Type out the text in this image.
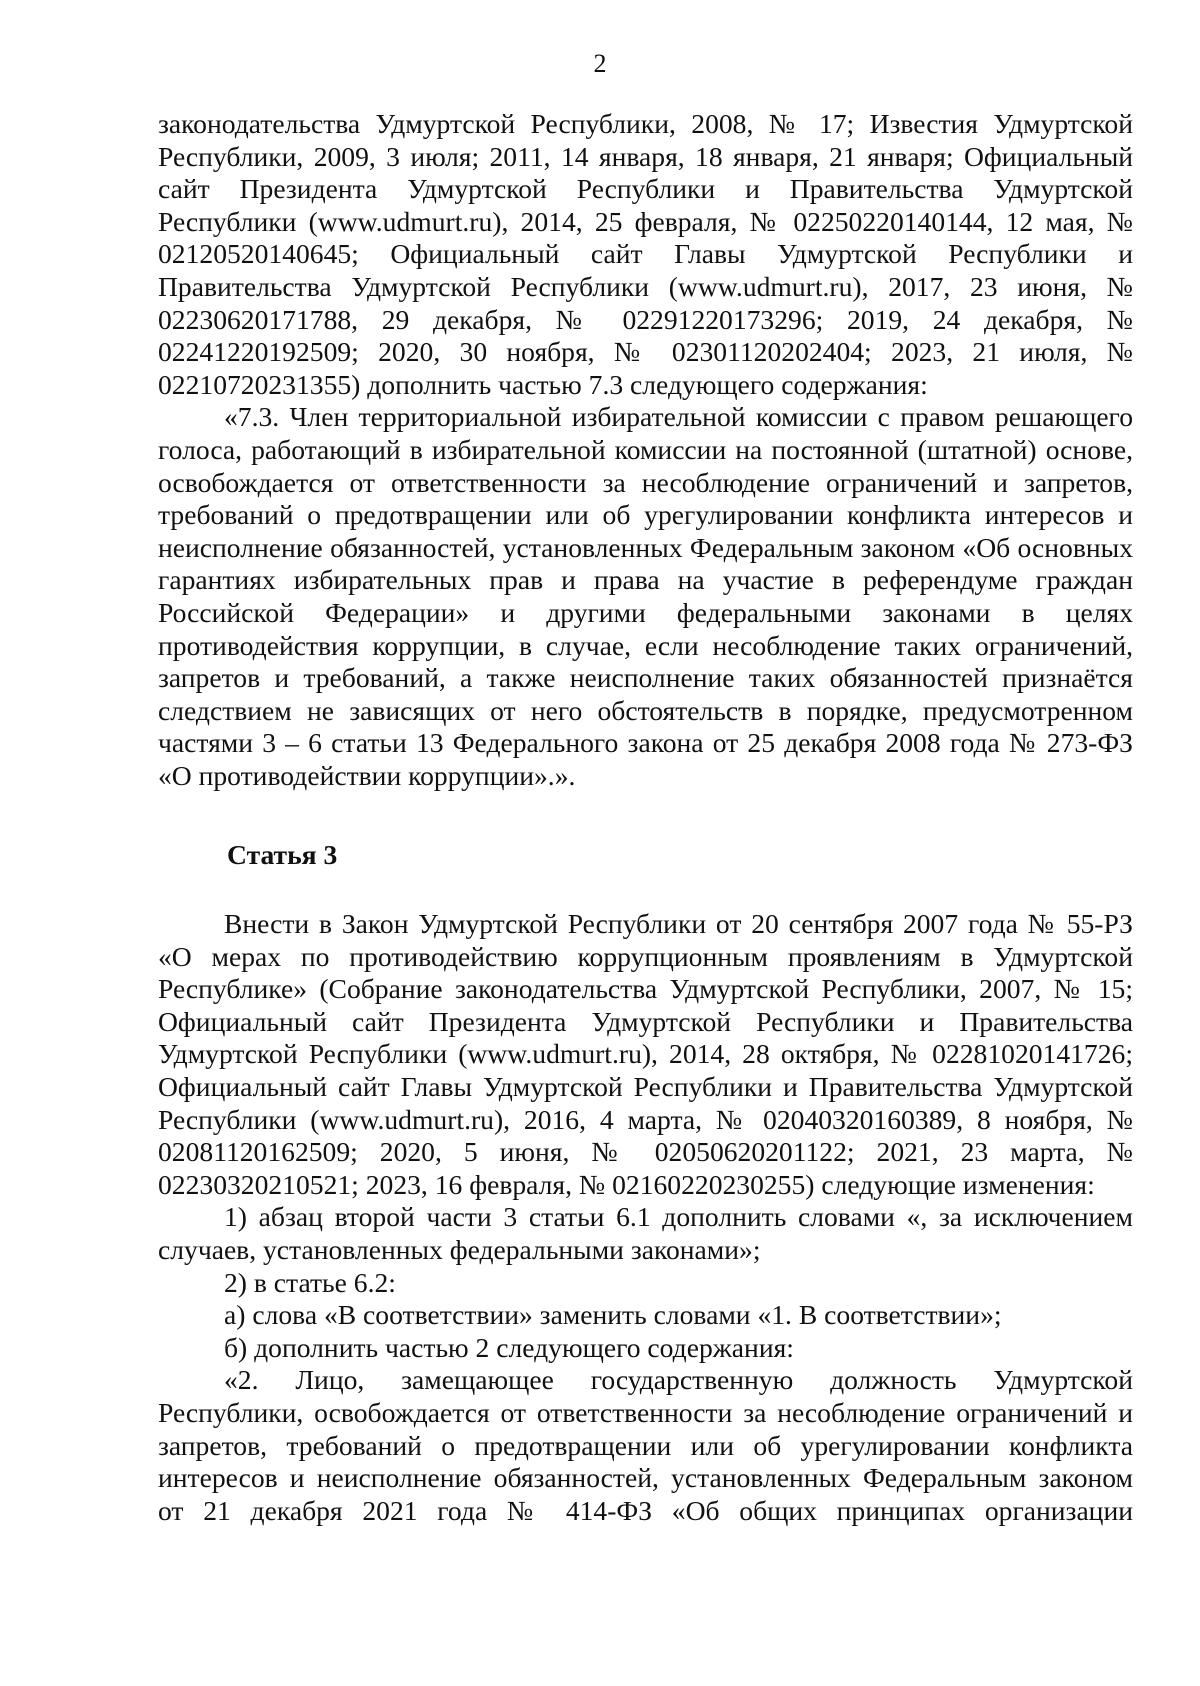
2

законодательства Удмуртской Республики, 2008, № 17; Известия Удмуртской Республики, 2009, 3 июля; 2011, 14 января, 18 января, 21 января; Официальный сайт Президента Удмуртской Республики и Правительства Удмуртской Республики (www.udmurt.ru), 2014, 25 февраля, № 02250220140144, 12 мая, № 02120520140645; Официальный сайт Главы Удмуртской Республики и Правительства Удмуртской Республики (www.udmurt.ru), 2017, 23 июня, № 02230620171788, 29 декабря, № 02291220173296; 2019, 24 декабря, № 02241220192509; 2020, 30 ноября, № 02301120202404; 2023, 21 июля, № 02210720231355) дополнить частью 7.3 следующего содержания:

«7.3. Член территориальной избирательной комиссии с правом решающего голоса, работающий в избирательной комиссии на постоянной (штатной) основе, освобождается от ответственности за несоблюдение ограничений и запретов, требований о предотвращении или об урегулировании конфликта интересов и неисполнение обязанностей, установленных Федеральным законом «Об основных гарантиях избирательных прав и права на участие в референдуме граждан Российской Федерации» и другими федеральными законами в целях противодействия коррупции, в случае, если несоблюдение таких ограничений, запретов и требований, а также неисполнение таких обязанностей признаётся следствием не зависящих от него обстоятельств в порядке, предусмотренном частями 3 – 6 статьи 13 Федерального закона от 25 декабря 2008 года № 273-ФЗ «О противодействии коррупции».».

Статья 3

Внести в Закон Удмуртской Республики от 20 сентября 2007 года № 55-РЗ «О мерах по противодействию коррупционным проявлениям в Удмуртской Республике» (Собрание законодательства Удмуртской Республики, 2007, № 15; Официальный сайт Президента Удмуртской Республики и Правительства Удмуртской Республики (www.udmurt.ru), 2014, 28 октября, № 02281020141726; Официальный сайт Главы Удмуртской Республики и Правительства Удмуртской Республики (www.udmurt.ru), 2016, 4 марта, № 02040320160389, 8 ноября, № 02081120162509; 2020, 5 июня, № 02050620201122; 2021, 23 марта, № 02230320210521; 2023, 16 февраля, № 02160220230255) следующие изменения:

1) абзац второй части 3 статьи 6.1 дополнить словами «, за исключением случаев, установленных федеральными законами»;

2) в статье 6.2:

а) слова «В соответствии» заменить словами «1. В соответствии»;

б) дополнить частью 2 следующего содержания:

«2. Лицо, замещающее государственную должность Удмуртской Республики, освобождается от ответственности за несоблюдение ограничений и запретов, требований о предотвращении или об урегулировании конфликта интересов и неисполнение обязанностей, установленных Федеральным законом от 21 декабря 2021 года № 414-ФЗ «Об общих принципах организации
